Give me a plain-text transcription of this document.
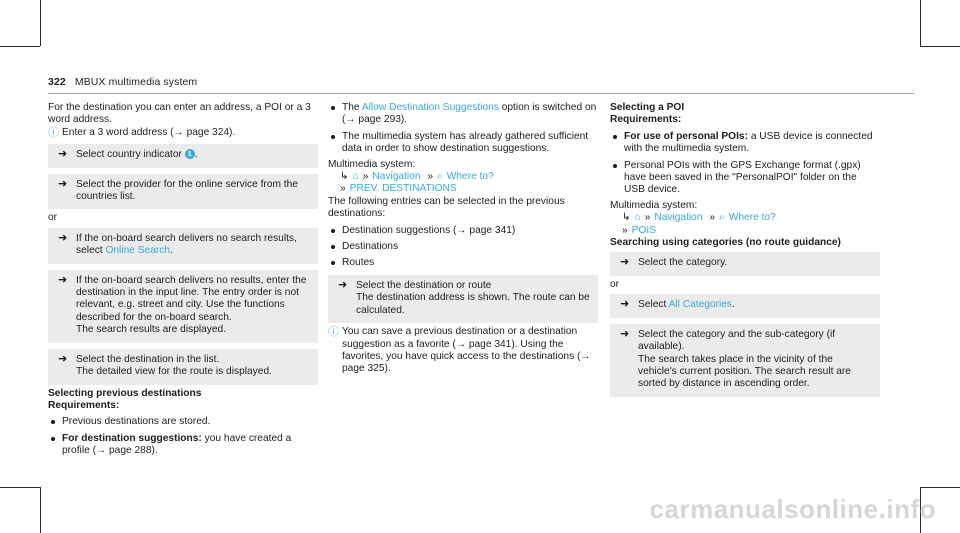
322 MBUX multimedia system

For the destination you can enter an address, a POI or a 3 word address.

ⓘ Enter a 3 word address (→ page 324).
➜ Select country indicator 1 .
➜ Select the provider for the online service from the countries list.

or

➜ If the on-board search delivers no search results, select Online Search.
➜ If the on-board search delivers no results, enter the destination in the input line. The entry order is not relevant, e.g. street and city. Use the functions described for the on-board search.
The search results are displayed.
➜ Select the destination in the list.
The detailed view for the route is displayed.

Selecting previous destinations

Requirements:

Previous destinations are stored.
For destination suggestions: you have created a profile (→ page 288).
The Allow Destination Suggestions option is switched on (→ page 293).
The multimedia system has already gathered sufficient data in order to show destination suggestions.

Multimedia system:

↳ ⌂ » Navigation » ⌕ Where to?

» PREV. DESTINATIONS

The following entries can be selected in the previous destinations:

Destination suggestions (→ page 341)
Destinations
Routes
➜ Select the destination or route
The destination address is shown. The route can be calculated.
ⓘ You can save a previous destination or a destination suggestion as a favorite (→ page 341). Using the favorites, you have quick access to the destinations (→ page 325).

Selecting a POI

Requirements:

For use of personal POIs: a USB device is connected with the multimedia system.
Personal POIs with the GPS Exchange format (.gpx) have been saved in the "PersonalPOI" folder on the USB device.

Multimedia system:

↳ ⌂ » Navigation » ⌕ Where to?

» POIS

Searching using categories (no route guidance)

➜ Select the category.

or

➜ Select All Categories.
➜ Select the category and the sub-category (if available).
The search takes place in the vicinity of the vehicle's current position. The search result are sorted by distance in ascending order.
carmanualsonline.info
